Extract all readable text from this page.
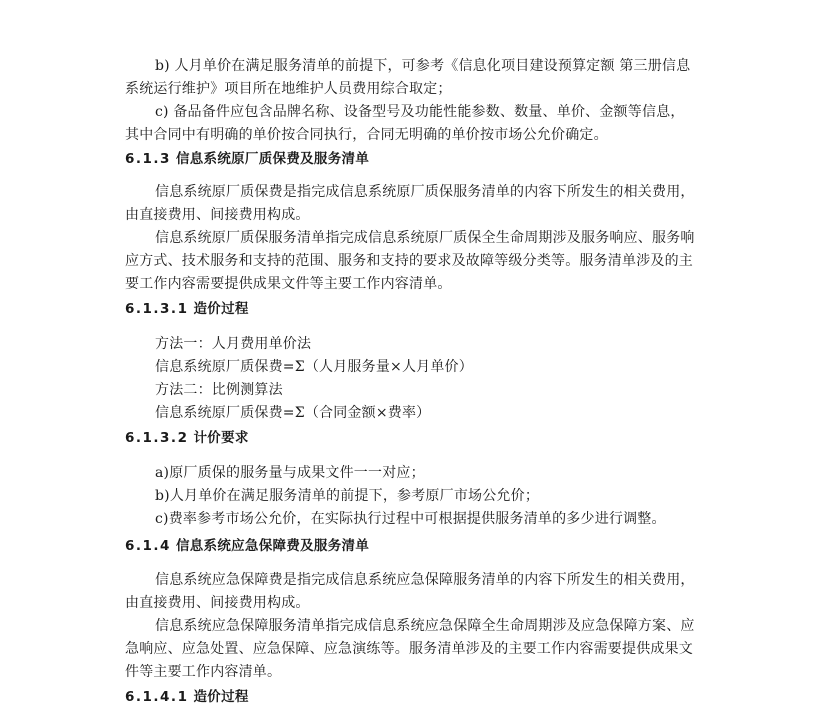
b) 人月单价在满足服务清单的前提下，可参考《信息化项目建设预算定额 第三册信息
系统运行维护》项目所在地维护人员费用综合取定；
c) 备品备件应包含品牌名称、设备型号及功能性能参数、数量、单价、金额等信息，
其中合同中有明确的单价按合同执行，合同无明确的单价按市场公允价确定。
6.1.3 信息系统原厂质保费及服务清单
信息系统原厂质保费是指完成信息系统原厂质保服务清单的内容下所发生的相关费用，
由直接费用、间接费用构成。
信息系统原厂质保服务清单指完成信息系统原厂质保全生命周期涉及服务响应、服务响
应方式、技术服务和支持的范围、服务和支持的要求及故障等级分类等。服务清单涉及的主
要工作内容需要提供成果文件等主要工作内容清单。
6.1.3.1 造价过程
方法一：人月费用单价法
信息系统原厂质保费=Σ（人月服务量×人月单价）
方法二：比例测算法
信息系统原厂质保费=Σ（合同金额×费率）
6.1.3.2 计价要求
a)原厂质保的服务量与成果文件一一对应；
b)人月单价在满足服务清单的前提下，参考原厂市场公允价；
c)费率参考市场公允价，在实际执行过程中可根据提供服务清单的多少进行调整。
6.1.4 信息系统应急保障费及服务清单
信息系统应急保障费是指完成信息系统应急保障服务清单的内容下所发生的相关费用，
由直接费用、间接费用构成。
信息系统应急保障服务清单指完成信息系统应急保障全生命周期涉及应急保障方案、应
急响应、应急处置、应急保障、应急演练等。服务清单涉及的主要工作内容需要提供成果文
件等主要工作内容清单。
6.1.4.1 造价过程
